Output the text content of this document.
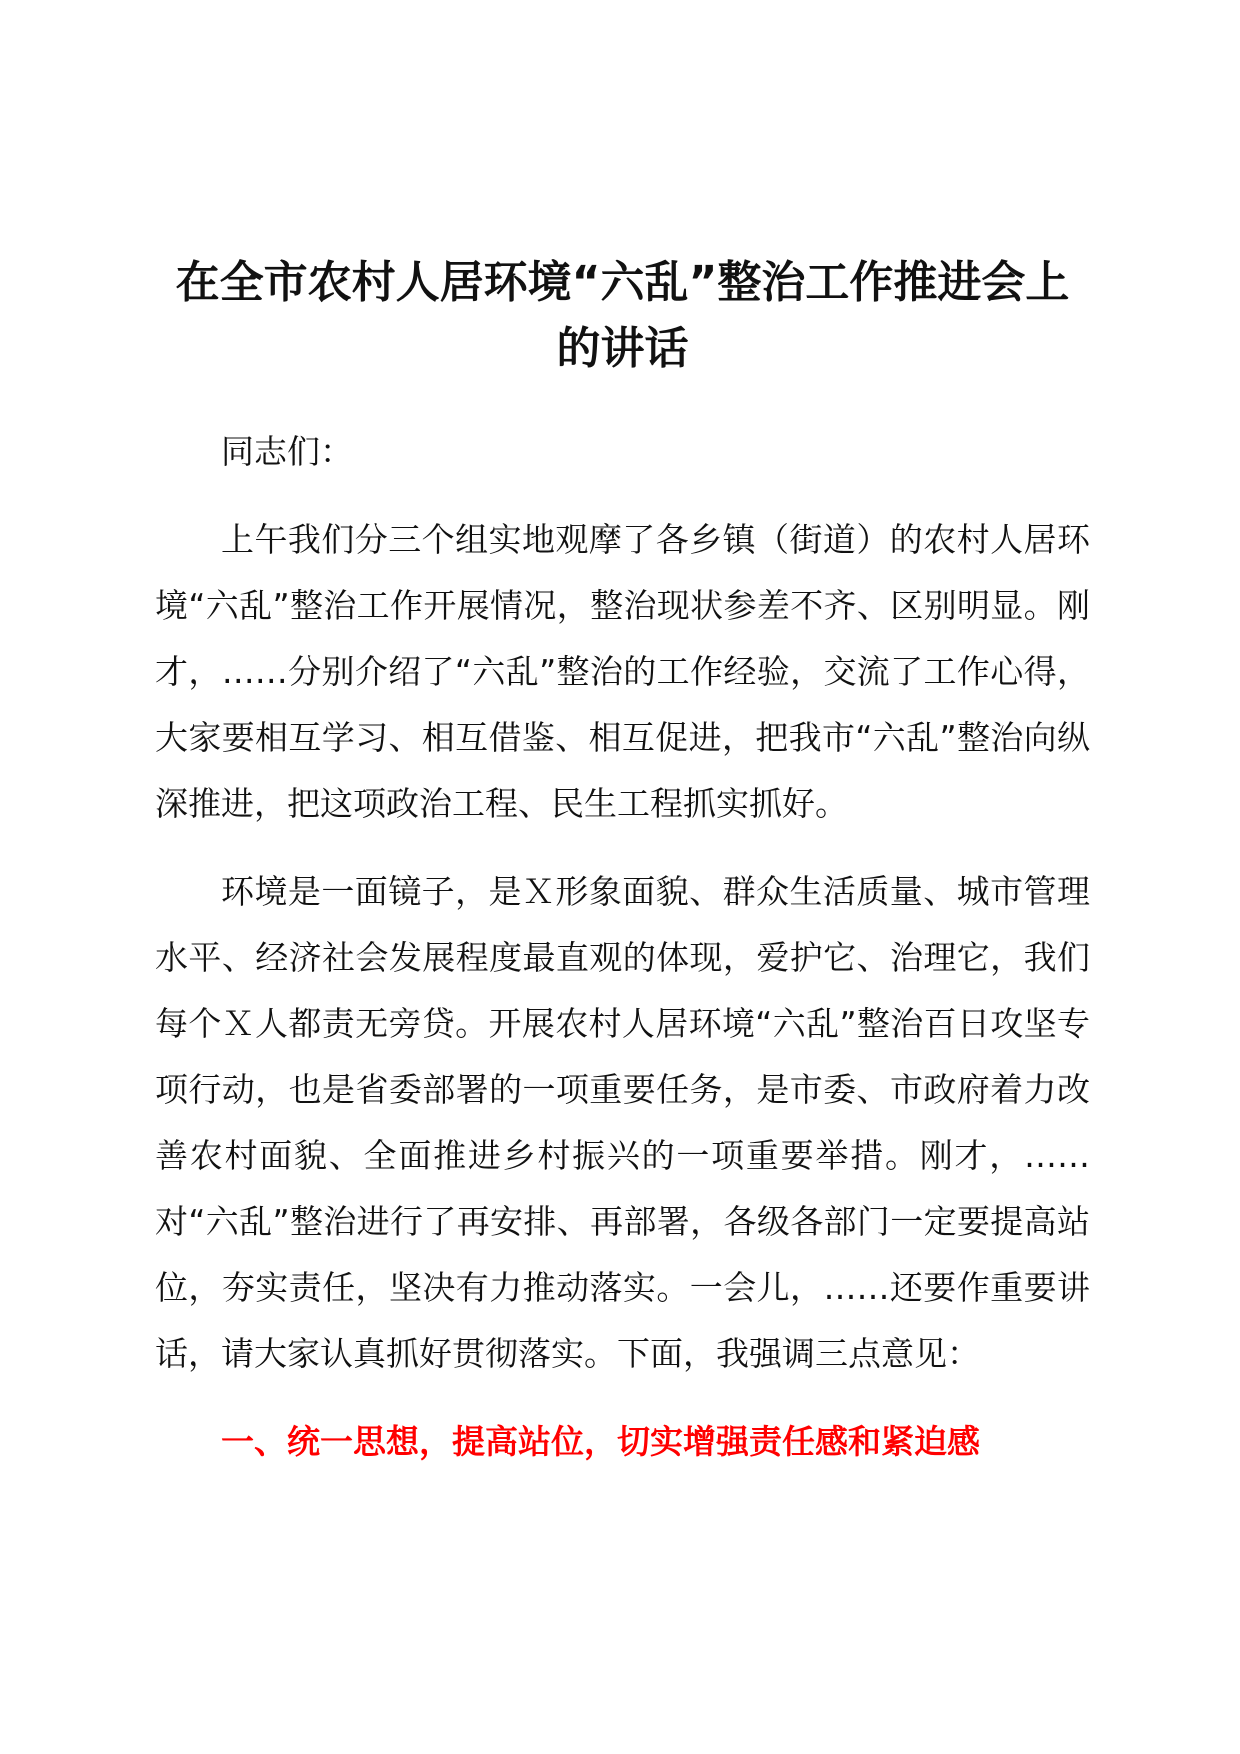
在全市农村人居环境“六乱”整治工作推进会上的讲话

同志们：

上午我们分三个组实地观摩了各乡镇（街道）的农村人居环境“六乱”整治工作开展情况，整治现状参差不齐、区别明显。刚才，……分别介绍了“六乱”整治的工作经验，交流了工作心得，大家要相互学习、相互借鉴、相互促进，把我市“六乱”整治向纵深推进，把这项政治工程、民生工程抓实抓好。

环境是一面镜子，是Ｘ形象面貌、群众生活质量、城市管理水平、经济社会发展程度最直观的体现，爱护它、治理它，我们每个Ｘ人都责无旁贷。开展农村人居环境“六乱”整治百日攻坚专项行动，也是省委部署的一项重要任务，是市委、市政府着力改善农村面貌、全面推进乡村振兴的一项重要举措。刚才，……对“六乱”整治进行了再安排、再部署，各级各部门一定要提高站位，夯实责任，坚决有力推动落实。一会儿，……还要作重要讲话，请大家认真抓好贯彻落实。下面，我强调三点意见：

一、统一思想，提高站位，切实增强责任感和紧迫感
